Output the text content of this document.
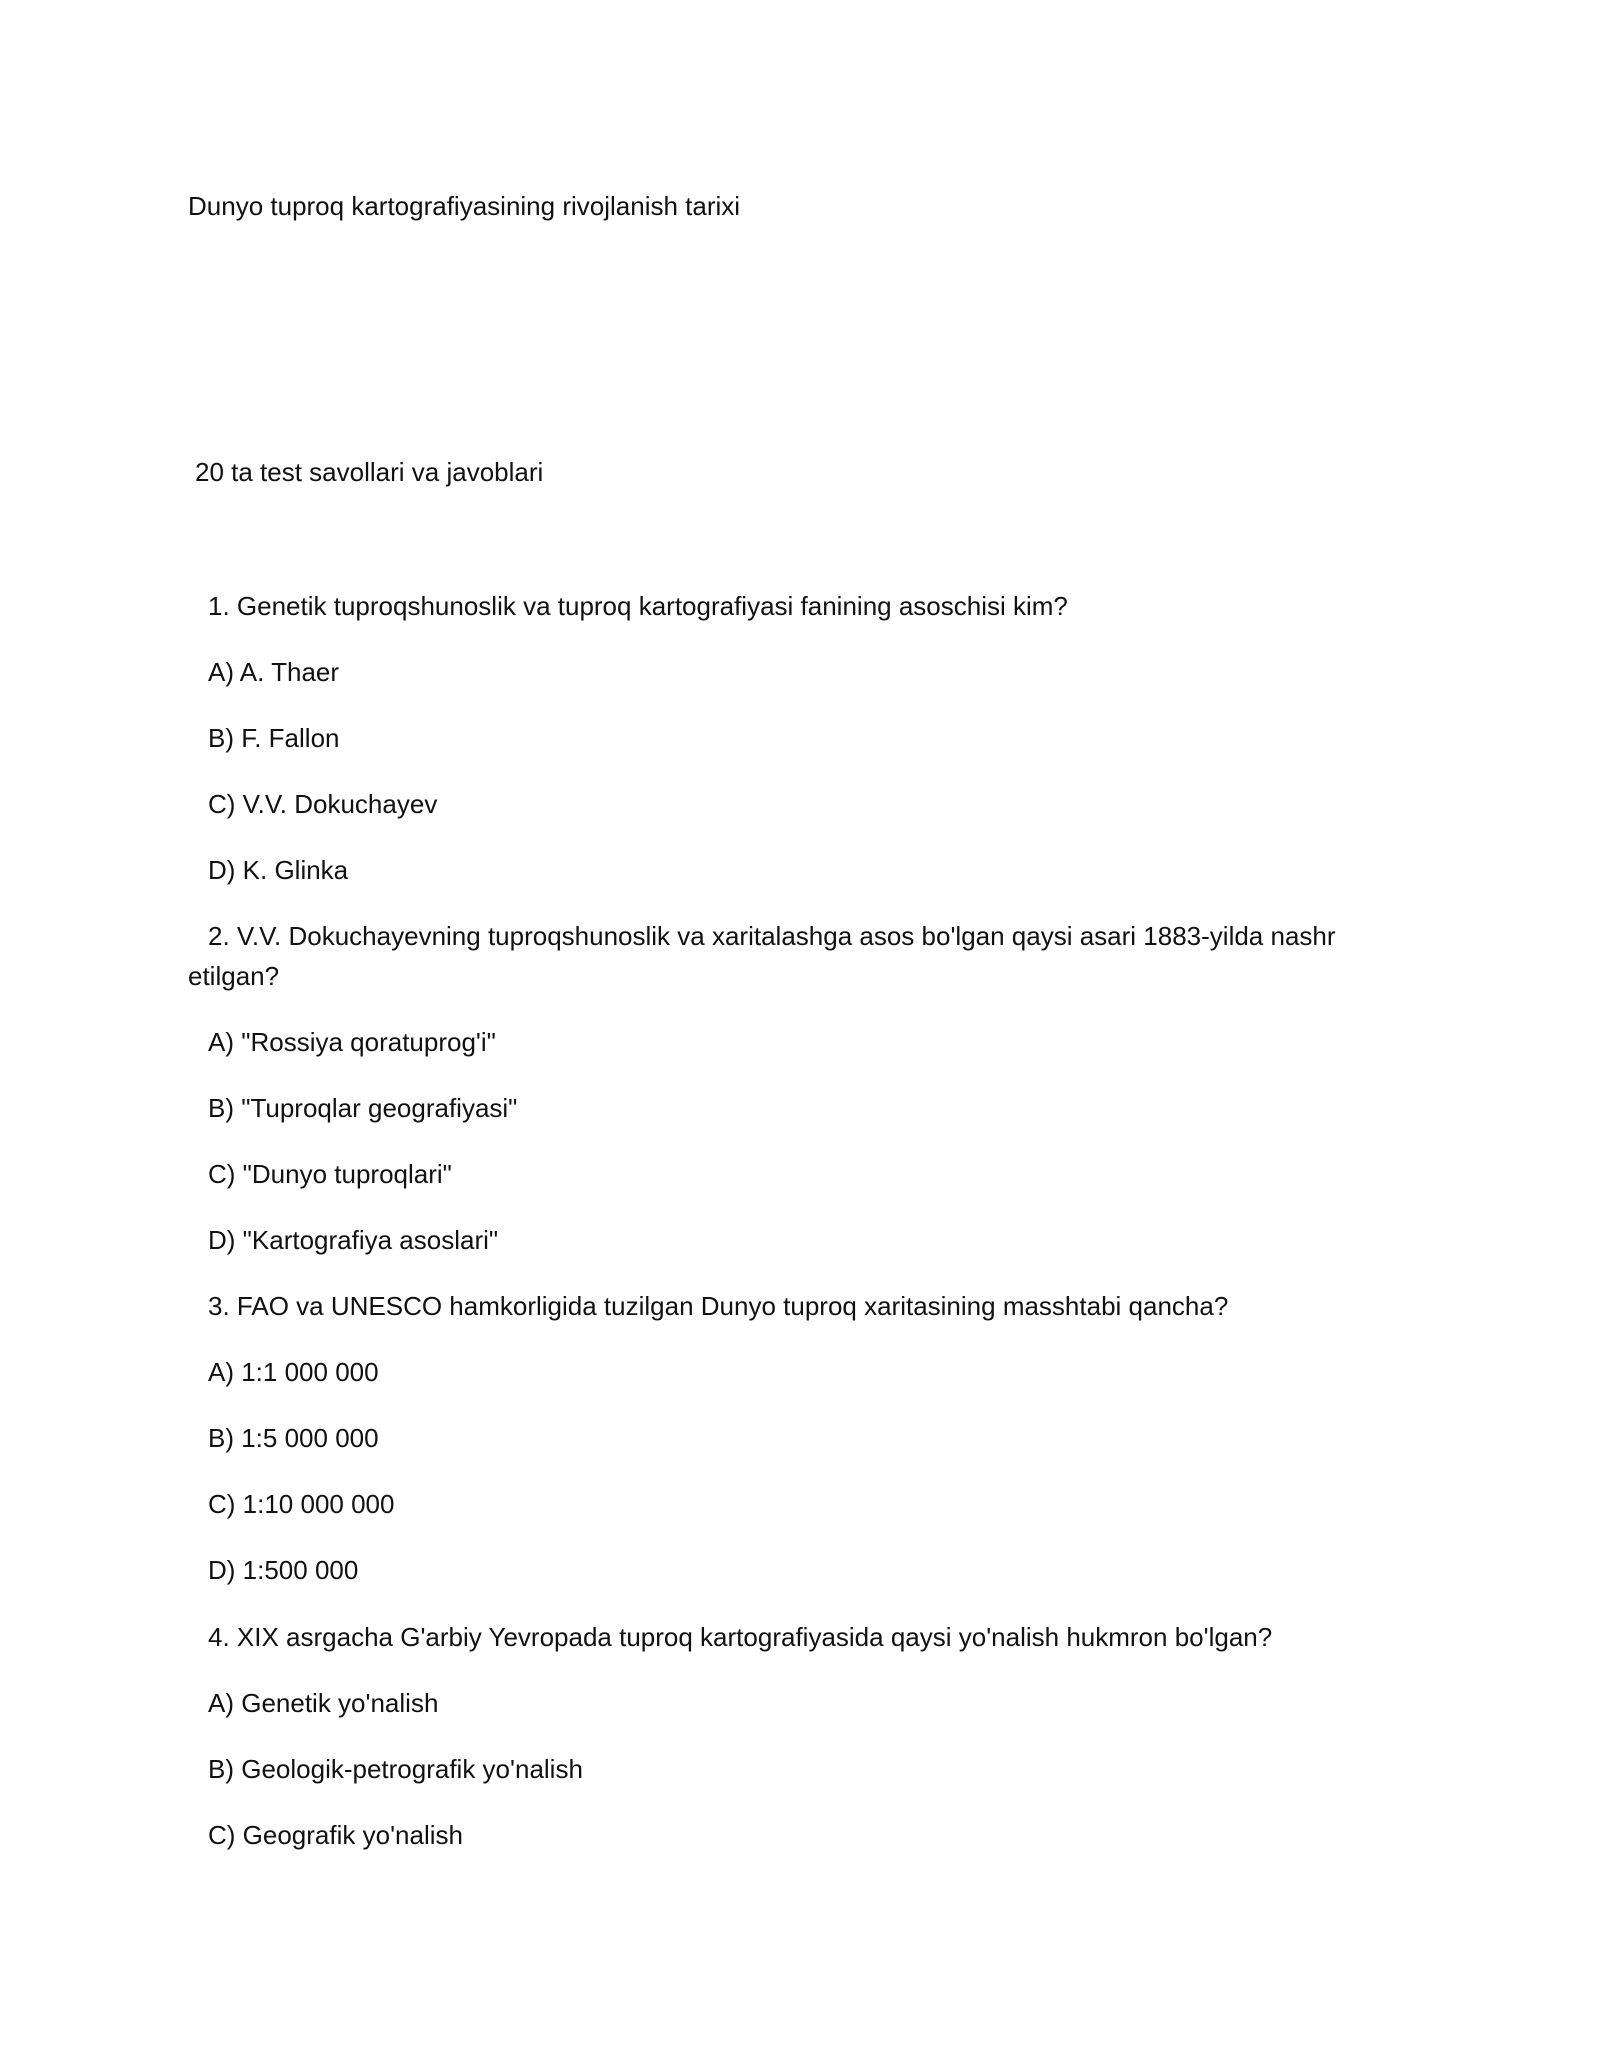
Dunyo tuproq kartografiyasining rivojlanish tarixi
20 ta test savollari va javoblari
1. Genetik tuproqshunoslik va tuproq kartografiyasi fanining asoschisi kim?
A) A. Thaer
B) F. Fallon
C) V.V. Dokuchayev
D) K. Glinka
2. V.V. Dokuchayevning tuproqshunoslik va xaritalashga asos bo'lgan qaysi asari 1883-yilda nashr
etilgan?
A) "Rossiya qoratuprog'i"
B) "Tuproqlar geografiyasi"
C) "Dunyo tuproqlari"
D) "Kartografiya asoslari"
3. FAO va UNESCO hamkorligida tuzilgan Dunyo tuproq xaritasining masshtabi qancha?
A) 1:1 000 000
B) 1:5 000 000
C) 1:10 000 000
D) 1:500 000
4. XIX asrgacha G'arbiy Yevropada tuproq kartografiyasida qaysi yo'nalish hukmron bo'lgan?
A) Genetik yo'nalish
B) Geologik-petrografik yo'nalish
C) Geografik yo'nalish
